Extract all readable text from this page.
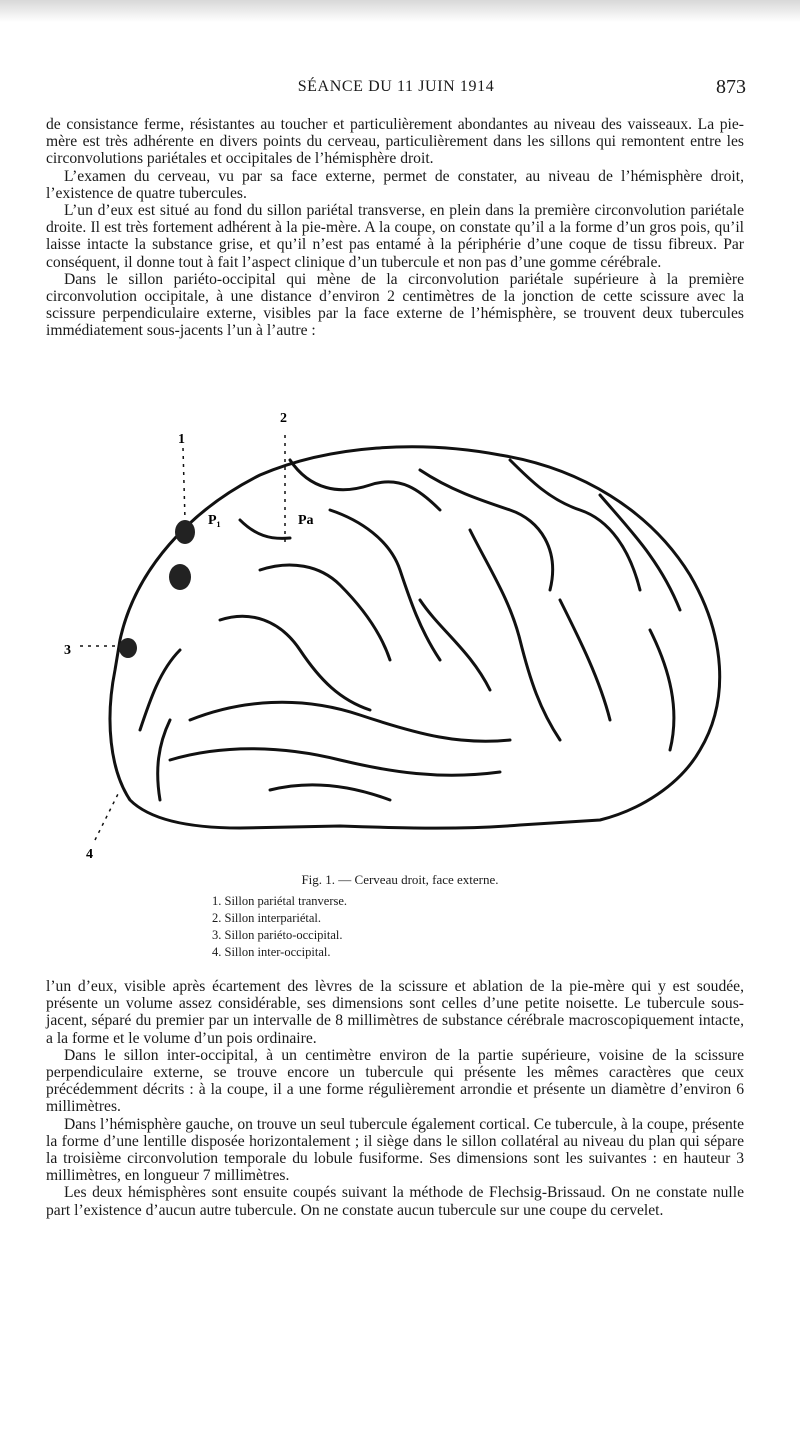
SÉANCE DU 11 JUIN 1914	873

de consistance ferme, résistantes au toucher et particulièrement abondantes au niveau des vaisseaux. La pie-mère est très adhérente en divers points du cerveau, particulièrement dans les sillons qui remontent entre les circonvolutions pariétales et occipitales de l’hémisphère droit.

L’examen du cerveau, vu par sa face externe, permet de constater, au niveau de l’hémisphère droit, l’existence de quatre tubercules.

L’un d’eux est situé au fond du sillon pariétal transverse, en plein dans la première circonvolution pariétale droite. Il est très fortement adhérent à la pie-mère. A la coupe, on constate qu’il a la forme d’un gros pois, qu’il laisse intacte la substance grise, et qu’il n’est pas entamé à la périphérie d’une coque de tissu fibreux. Par conséquent, il donne tout à fait l’aspect clinique d’un tubercule et non pas d’une gomme cérébrale.

Dans le sillon pariéto-occipital qui mène de la circonvolution pariétale supérieure à la première circonvolution occipitale, à une distance d’environ 2 centimètres de la jonction de cette scissure avec la scissure perpendiculaire externe, visibles par la face externe de l’hémisphère, se trouvent deux tubercules immédiatement sous-jacents l’un à l’autre :

1
2
3
4
P₁	Pa
Fig. 1. — Cerveau droit, face externe.
1. Sillon pariétal tranverse.
2. Sillon interpariétal.
3. Sillon pariéto-occipital.
4. Sillon inter-occipital.

l’un d’eux, visible après écartement des lèvres de la scissure et ablation de la pie-mère qui y est soudée, présente un volume assez considérable, ses dimensions sont celles d’une petite noisette. Le tubercule sous-jacent, séparé du premier par un intervalle de 8 millimètres de substance cérébrale macroscopiquement intacte, a la forme et le volume d’un pois ordinaire.

Dans le sillon inter-occipital, à un centimètre environ de la partie supérieure, voisine de la scissure perpendiculaire externe, se trouve encore un tubercule qui présente les mêmes caractères que ceux précédemment décrits : à la coupe, il a une forme régulièrement arrondie et présente un diamètre d’environ 6 millimètres.

Dans l’hémisphère gauche, on trouve un seul tubercule également cortical. Ce tubercule, à la coupe, présente la forme d’une lentille disposée horizontalement ; il siège dans le sillon collatéral au niveau du plan qui sépare la troisième circonvolution temporale du lobule fusiforme. Ses dimensions sont les suivantes : en hauteur 3 millimètres, en longueur 7 millimètres.

Les deux hémisphères sont ensuite coupés suivant la méthode de Flechsig-Brissaud. On ne constate nulle part l’existence d’aucun autre tubercule. On ne constate aucun tubercule sur une coupe du cervelet.
